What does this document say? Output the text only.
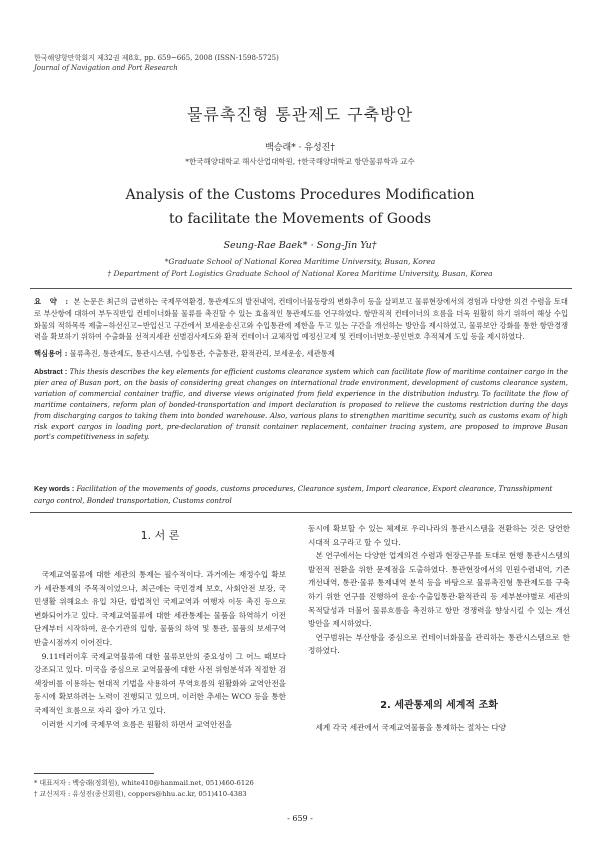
한국해양항만학회지 제32권 제8호, pp. 659~665, 2008 (ISSN-1598-5725)
Journal of Navigation and Port Research
물류촉진형 통관제도 구축방안
백승래* · 유성진†
*한국해양대학교 해사산업대학원, †한국해양대학교 항만물류학과 교수
Analysis of the Customs Procedures Modification
to facilitate the Movements of Goods
Seung-Rae Baek* · Song-Jin Yu†
*Graduate School of National Korea Maritime University, Busan, Korea
† Department of Port Logistics Graduate School of National Korea Maritime University, Busan, Korea
요 약 : 본 논문은 최근의 급변하는 국제무역환경, 통관제도의 발전내역, 컨테이너물동량의 변화추이 등을 살펴보고 물류현장에서의 경험과 다양한 의견 수렴을 토대로 부산항에 대하여 부두직반입 컨테이너화물 물류를 촉진할 수 있는 효율적인 통관제도를 연구하였다. 항만직적 컨테이너의 흐름을 더욱 원활히 하기 위하여 해상 수입화물의 적하목록 제출~하선신고~반입신고 구간에서 보세운송신고와 수입통관에 제한을 두고 있는 구간을 개선하는 방안을 제시하였고, 물류보안 강화를 통한 항만경쟁력을 확보하기 위하여 수출화물 선적지세관 선별검사제도와 환적 컨테이너 교체작업 예정신고제 및 컨테이너번호·봉인번호 추적체계 도입 등을 제시하였다.
핵심용어 : 물류촉진, 통관제도, 통관시스템, 수입통관, 수출통관, 환적관리, 보세운송, 세관통제
Abstract : This thesis describes the key elements for efficient customs clearance system which can facilitate flow of maritime container cargo in the pier area of Busan port, on the basis of considering great changes on international trade environment, development of customs clearance system, variation of commercial container traffic, and diverse views originated from field experience in the distribution industry. To facilitate the flow of maritime containers, reform plan of bonded-transportation and import declaration is proposed to relieve the customs restriction during the days from discharging cargos to taking them into bonded warehouse. Also, various plans to strengthen maritime security, such as customs exam of high risk export cargos in loading port, pre-declaration of transit container replacement, container tracing system, are proposed to improve Busan port's competitiveness in safety.
Key words : Facilitation of the movements of goods, customs procedures, Clearance system, Import clearance, Export clearance, Transshipment cargo control, Bonded transportation, Customs control
1. 서 론

국제교역물류에 대한 세관의 통제는 필수적이다. 과거에는 재정수입 확보가 세관통제의 주목적이었으나, 최근에는 국민경제 보호, 사회안전 보장, 국민생활 위해요소 유입 차단, 합법적인 국제교역과 여행자 이동 촉진 등으로 변화되어가고 있다. 국제교역물류에 대한 세관통제는 물품을 하역하기 이전 단계부터 시작하여, 운수기관의 입항, 물품의 하역 및 통관, 물품의 보세구역 반출시점까지 이어진다.

9.11테러이후 국제교역물류에 대한 물류보안의 중요성이 그 어느 때보다 강조되고 있다. 미국을 중심으로 교역물품에 대한 사전 위험분석과 적절한 검색장비를 이용하는 현대적 기법을 사용하여 무역흐름의 원활화와 교역안전을 동시에 확보하려는 노력이 진행되고 있으며, 이러한 추세는 WCO 등을 통한 국제적인 흐름으로 자리 잡아 가고 있다.

이러한 시기에 국제무역 흐름은 원활히 하면서 교역안전을

동시에 확보할 수 있는 체제로 우리나라의 통관시스템을 전환하는 것은 당연한 시대적 요구라고 할 수 있다.

본 연구에서는 다양한 업계의견 수렴과 현장근무를 토대로 현행 통관시스템의 발전적 전환을 위한 문제점을 도출하였다. 통관현장에서의 민원수렴내역, 기존 개선내역, 통관·물류 통제내역 분석 등을 바탕으로 물류촉진형 통관제도를 구축하기 위한 연구를 진행하여 운송·수출입통관·환적관리 등 세부분야별로 세관의 목적달성과 더불어 물류흐름을 촉진하고 항만 경쟁력을 향상시킬 수 있는 개선방안을 제시하였다.

연구범위는 부산항을 중심으로 컨테이너화물을 관리하는 통관시스템으로 한정하였다.

2. 세관통제의 세계적 조화

세계 각국 세관에서 국제교역물품을 통제하는 절차는 다양

* 대표저자 : 백승래(정회원), white410@hanmail.net, 051)460-6126
† 교신저자 : 유성진(종신회원), coppers@hhu.ac.kr, 051)410-4383
- 659 -
